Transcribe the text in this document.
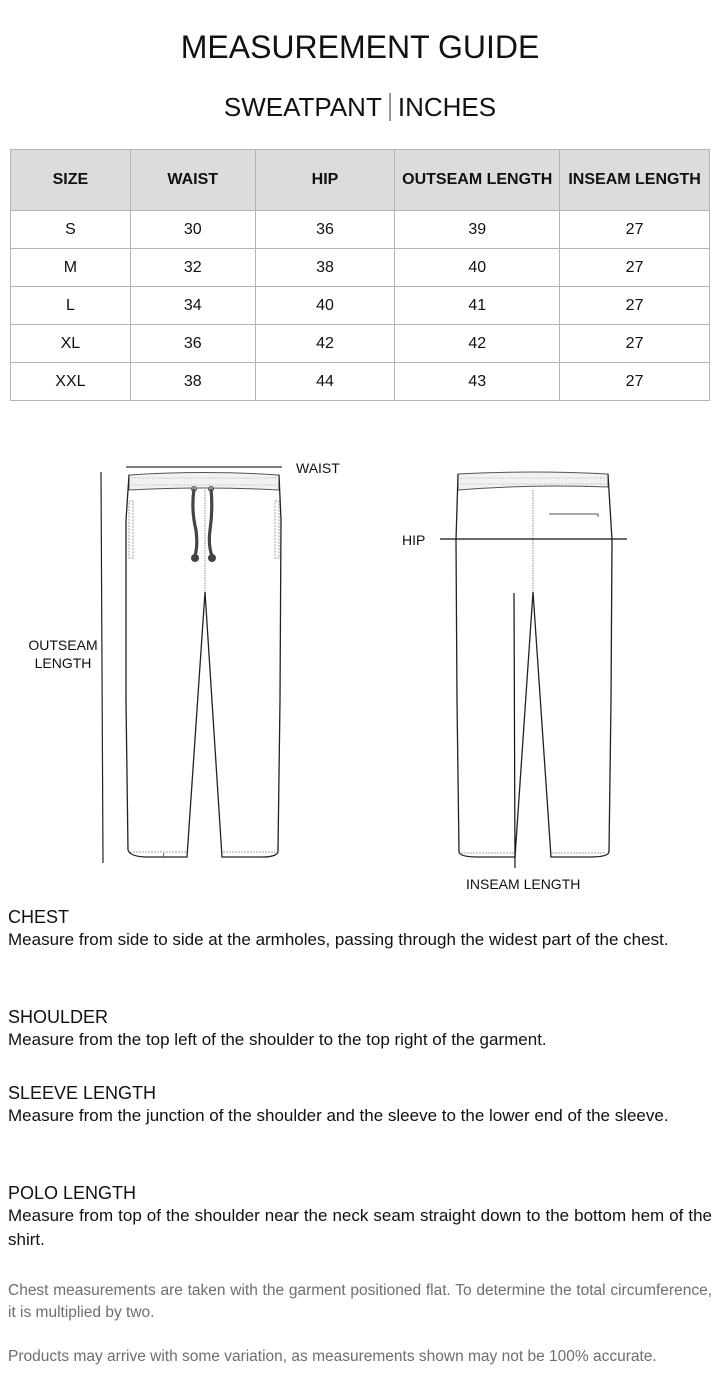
MEASUREMENT GUIDE
SWEATPANT INCHES
SIZE	WAIST	HIP	OUTSEAM LENGTH	INSEAM LENGTH
S	30	36	39	27
M	32	38	40	27
L	34	40	41	27
XL	36	42	42	27
XXL	38	44	43	27
WAIST
OUTSEAM
LENGTH
HIP
INSEAM LENGTH
CHEST

Measure from side to side at the armholes, passing through the widest part of the chest.

SHOULDER

Measure from the top left of the shoulder to the top right of the garment.

SLEEVE LENGTH

Measure from the junction of the shoulder and the sleeve to the lower end of the sleeve.

POLO LENGTH

Measure from top of the shoulder near the neck seam straight down to the bottom hem of the shirt.

Chest measurements are taken with the garment positioned flat. To determine the total circumference, it is multiplied by two.

Products may arrive with some variation, as measurements shown may not be 100% accurate.
